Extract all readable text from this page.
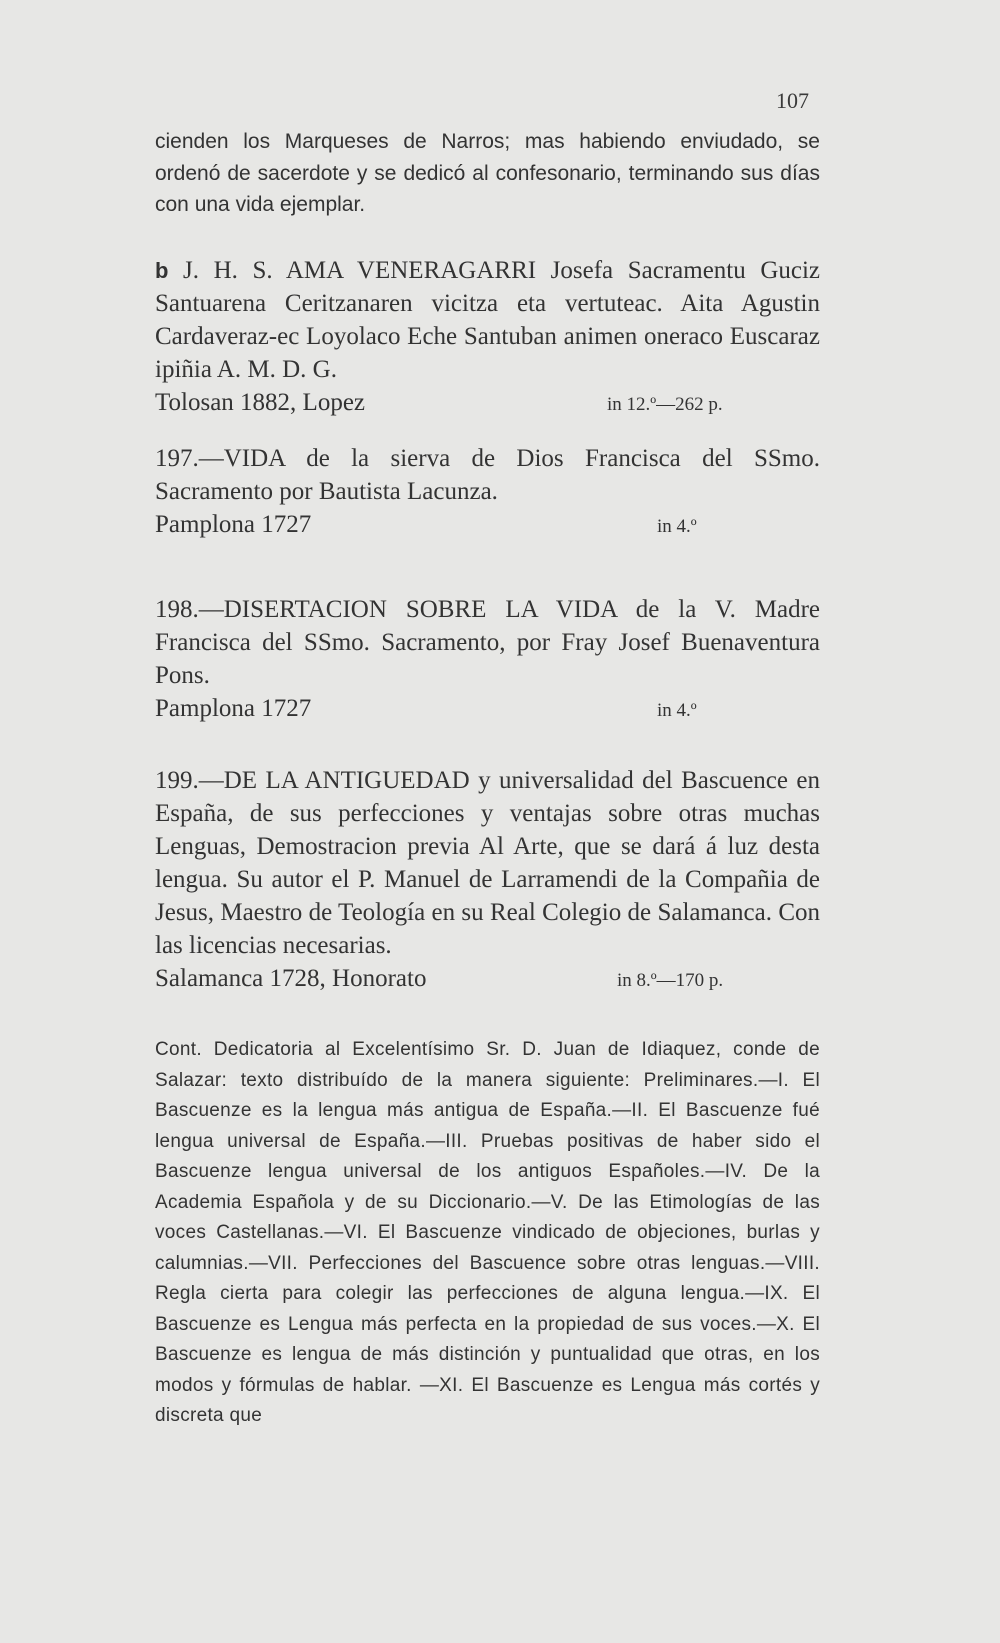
107
cienden los Marqueses de Narros; mas habiendo enviudado, se ordenó de sacerdote y se dedicó al confesonario, terminando sus días con una vida ejemplar.
b J. H. S. AMA VENERAGARRI Josefa Sacramentu Guciz Santuarena Ceritzanaren vicitza eta vertuteac. Aita Agustin Cardaveraz-ec Loyolaco Eche Santuban animen oneraco Euscaraz ipiñia A. M. D. G.
Tolosan 1882, Lopez	in 12.º—262 p.
197.—VIDA de la sierva de Dios Francisca del SSmo. Sacramento por Bautista Lacunza.
Pamplona 1727	in 4.º
198.—DISERTACION SOBRE LA VIDA de la V. Madre Francisca del SSmo. Sacramento, por Fray Josef Buenaventura Pons.
Pamplona 1727	in 4.º
199.—DE LA ANTIGUEDAD y universalidad del Bascuence en España, de sus perfecciones y ventajas sobre otras muchas Lenguas, Demostracion previa Al Arte, que se dará á luz desta lengua. Su autor el P. Manuel de Larramendi de la Compañia de Jesus, Maestro de Teología en su Real Colegio de Salamanca. Con las licencias necesarias.
Salamanca 1728, Honorato	in 8.º—170 p.
Cont. Dedicatoria al Excelentísimo Sr. D. Juan de Idiaquez, conde de Salazar: texto distribuído de la manera siguiente: Preliminares.—I. El Bascuenze es la lengua más antigua de España.—II. El Bascuenze fué lengua universal de España.—III. Pruebas positivas de haber sido el Bascuenze lengua universal de los antiguos Españoles.—IV. De la Academia Española y de su Diccionario.—V. De las Etimologías de las voces Castellanas.—VI. El Bascuenze vindicado de objeciones, burlas y calumnias.—VII. Perfecciones del Bascuence sobre otras lenguas.—VIII. Regla cierta para colegir las perfecciones de alguna lengua.—IX. El Bascuenze es Lengua más perfecta en la propiedad de sus voces.—X. El Bascuenze es lengua de más distinción y puntualidad que otras, en los modos y fórmulas de hablar. —XI. El Bascuenze es Lengua más cortés y discreta que
